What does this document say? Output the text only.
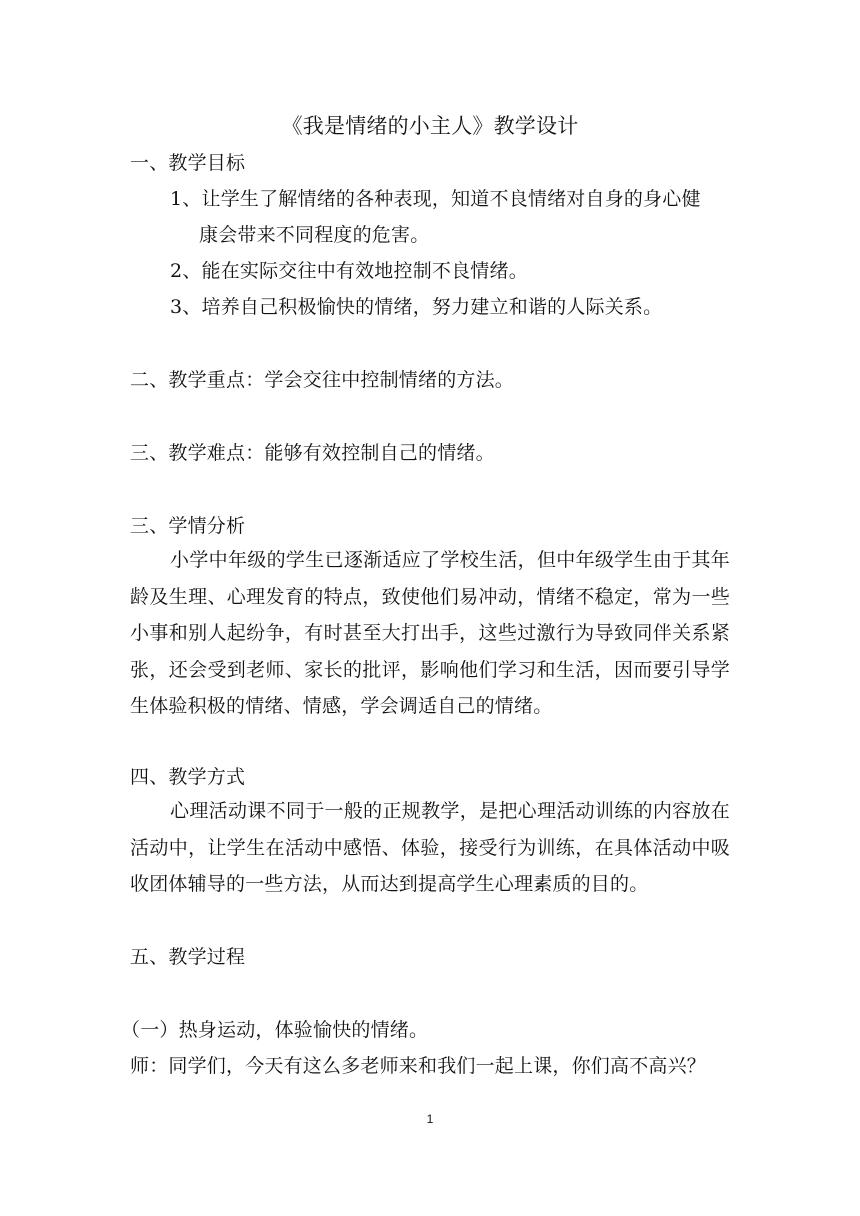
《我是情绪的小主人》教学设计
一、教学目标
1、让学生了解情绪的各种表现，知道不良情绪对自身的身心健
康会带来不同程度的危害。
2、能在实际交往中有效地控制不良情绪。
3、培养自己积极愉快的情绪，努力建立和谐的人际关系。
二、教学重点：学会交往中控制情绪的方法。
三、教学难点：能够有效控制自己的情绪。
三、学情分析
小学中年级的学生已逐渐适应了学校生活，但中年级学生由于其年龄及生理、心理发育的特点，致使他们易冲动，情绪不稳定，常为一些小事和别人起纷争，有时甚至大打出手，这些过激行为导致同伴关系紧张，还会受到老师、家长的批评，影响他们学习和生活，因而要引导学生体验积极的情绪、情感，学会调适自己的情绪。
四、教学方式
心理活动课不同于一般的正规教学，是把心理活动训练的内容放在活动中，让学生在活动中感悟、体验，接受行为训练，在具体活动中吸收团体辅导的一些方法，从而达到提高学生心理素质的目的。
五、教学过程
（一）热身运动，体验愉快的情绪。
师：同学们，今天有这么多老师来和我们一起上课，你们高不高兴？
1
